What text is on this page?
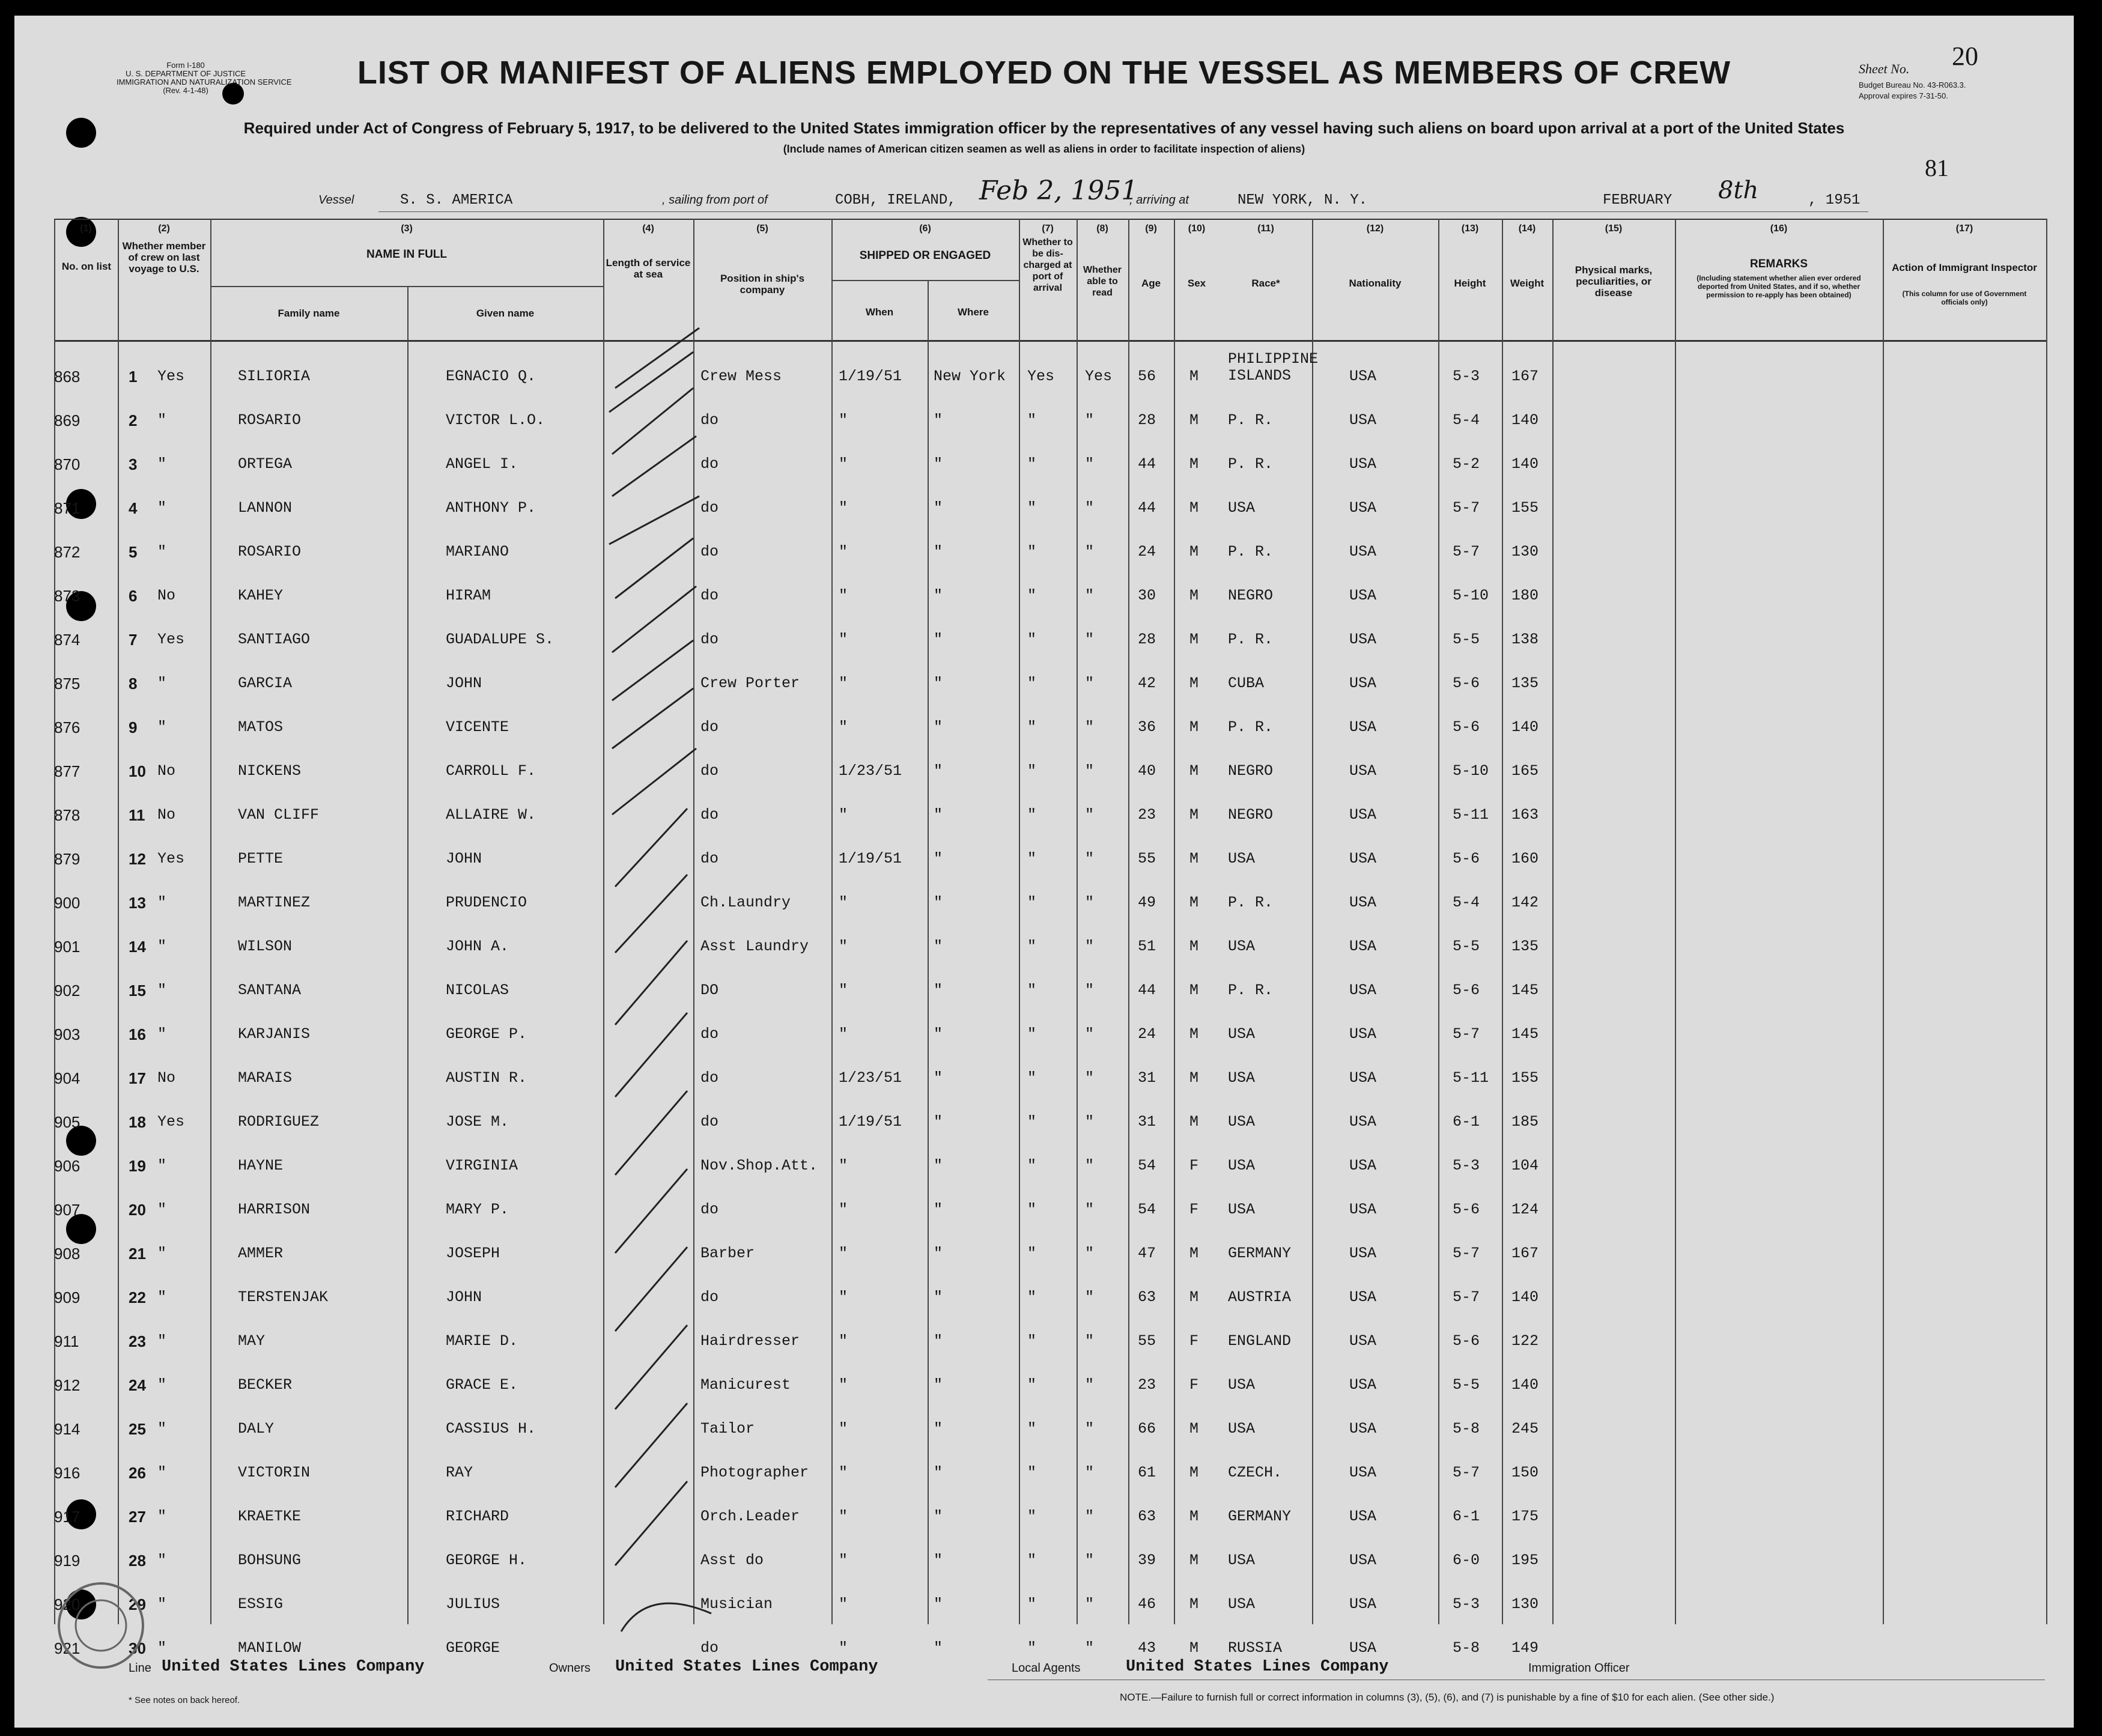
Form I-180
U. S. DEPARTMENT OF JUSTICE
IMMIGRATION AND NATURALIZATION SERVICE
(Rev. 4-1-48)
Sheet No. 20
Budget Bureau No. 43-R063.3.
Approval expires 7-31-50.
81
LIST OR MANIFEST OF ALIENS EMPLOYED ON THE VESSEL AS MEMBERS OF CREW
Required under Act of Congress of February 5, 1917, to be delivered to the United States immigration officer by the representatives of any vessel having such aliens on board upon arrival at a port of the United States
(Include names of American citizen seamen as well as aliens in order to facilitate inspection of aliens)
Vessel	S. S. AMERICA	, sailing from port of	COBH, IRELAND, Feb 2, 1951
, arriving at	NEW YORK, N. Y.	FEBRUARY 8th	, 1951
(1)	(2)	(3)	(4)	(5)	(6)	(7)	(8)	(9)	(10)	(11)	(12)	(13)	(14)	(15)	(16)	(17)
No. on list
Whether member of crew on last voyage to U.S.
NAME IN FULL
Family name	Given name
Length of service at sea	Position in ship's company
SHIPPED OR ENGAGED
When	Where
Whether to be dis-charged at port of arrival
Whether able to read
Age	Sex	Race*	Nationality	Height	Weight
Physical marks, peculiarities, or disease
REMARKS
(Including statement whether alien ever ordered deported from United States, and if so, whether permission to re-apply has been obtained)
Action of Immigrant Inspector
(This column for use of Government officials only)
868	1 Yes	SILIORIA	EGNACIO Q.	Crew Mess	1/19/51 New York Yes Yes 56 M
PHILIPPINE ISLANDS	USA	5-3 167
869	2 "	ROSARIO	VICTOR L.O.	do	"	"	"	"	28 M P. R.	USA	5-4 140
870	3 "	ORTEGA	ANGEL I.	do	"	"	"	"	44 M P. R.	USA	5-2 140
871	4 "	LANNON	ANTHONY P.	do	"	"	"	"	44 M USA	USA	5-7 155
872	5 "	ROSARIO	MARIANO	do	"	"	"	"	24 M P. R.	USA	5-7 130
873	6 No	KAHEY	HIRAM	do	"	"	"	"	30 M NEGRO	USA	5-10 180
874	7 Yes	SANTIAGO	GUADALUPE S.	do	"	"	"	"	28 M P. R.	USA	5-5 138
875	8 "	GARCIA	JOHN	Crew Porter	"	"	"	"	42 M CUBA	USA	5-6 135
876	9 "	MATOS	VICENTE	do	"	"	"	"	36 M P. R.	USA	5-6 140
877	10 No	NICKENS	CARROLL F.	do	1/23/51 "	"	"	40 M NEGRO	USA	5-10 165
878	11 No	VAN CLIFF	ALLAIRE W.	do	"	"	"	"	23 M NEGRO	USA	5-11 163
879	12 Yes	PETTE	JOHN	do	1/19/51 "	"	"	55 M USA	USA	5-6 160
900	13 "	MARTINEZ	PRUDENCIO	Ch.Laundry	"	"	"	"	49 M P. R.	USA	5-4 142
901	14 "	WILSON	JOHN A.	Asst Laundry "	"	"	"	51 M USA	USA	5-5 135
902	15 "	SANTANA	NICOLAS	DO	"	"	"	"	44 M P. R.	USA	5-6 145
903	16 "	KARJANIS	GEORGE P.	do	"	"	"	"	24 M USA	USA	5-7 145
904	17 No	MARAIS	AUSTIN R.	do	1/23/51 "	"	"	31 M USA	USA	5-11 155
905	18 Yes	RODRIGUEZ	JOSE M.	do	1/19/51 "	"	"	31 M USA	USA	6-1 185
906	19 "	HAYNE	VIRGINIA	Nov.Shop.Att. "	"	"	"	54 F USA	USA	5-3 104
907	20 "	HARRISON	MARY P.	do	"	"	"	"	54 F USA	USA	5-6 124
908	21 "	AMMER	JOSEPH	Barber	"	"	"	"	47 M GERMANY	USA	5-7 167
909	22 "	TERSTENJAK	JOHN	do	"	"	"	"	63 M AUSTRIA	USA	5-7 140
911	23 "	MAY	MARIE D.	Hairdresser	"	"	"	"	55 F ENGLAND	USA	5-6 122
912	24 "	BECKER	GRACE E.	Manicurest	"	"	"	"	23 F USA	USA	5-5 140
914	25 "	DALY	CASSIUS H.	Tailor	"	"	"	"	66 M USA	USA	5-8 245
916	26 "	VICTORIN	RAY	Photographer "	"	"	"	61 M CZECH.	USA	5-7 150
917	27 "	KRAETKE	RICHARD	Orch.Leader	"	"	"	"	63 M GERMANY	USA	6-1 175
919	28 "	BOHSUNG	GEORGE H.	Asst do	"	"	"	"	39 M USA	USA	6-0 195
920	29 "	ESSIG	JULIUS	Musician	"	"	"	"	46 M USA	USA	5-3 130
921	30 "	MANILOW	GEORGE	do	"	"	"	"	43 M RUSSIA	USA	5-8 149
Line United States Lines Company	Owners United States Lines Company	Local Agents	United States Lines Company	Immigration Officer
NOTE.—Failure to furnish full or correct information in columns (3), (5), (6), and (7) is punishable by a fine of $10 for each alien. (See other side.)
* See notes on back hereof.
